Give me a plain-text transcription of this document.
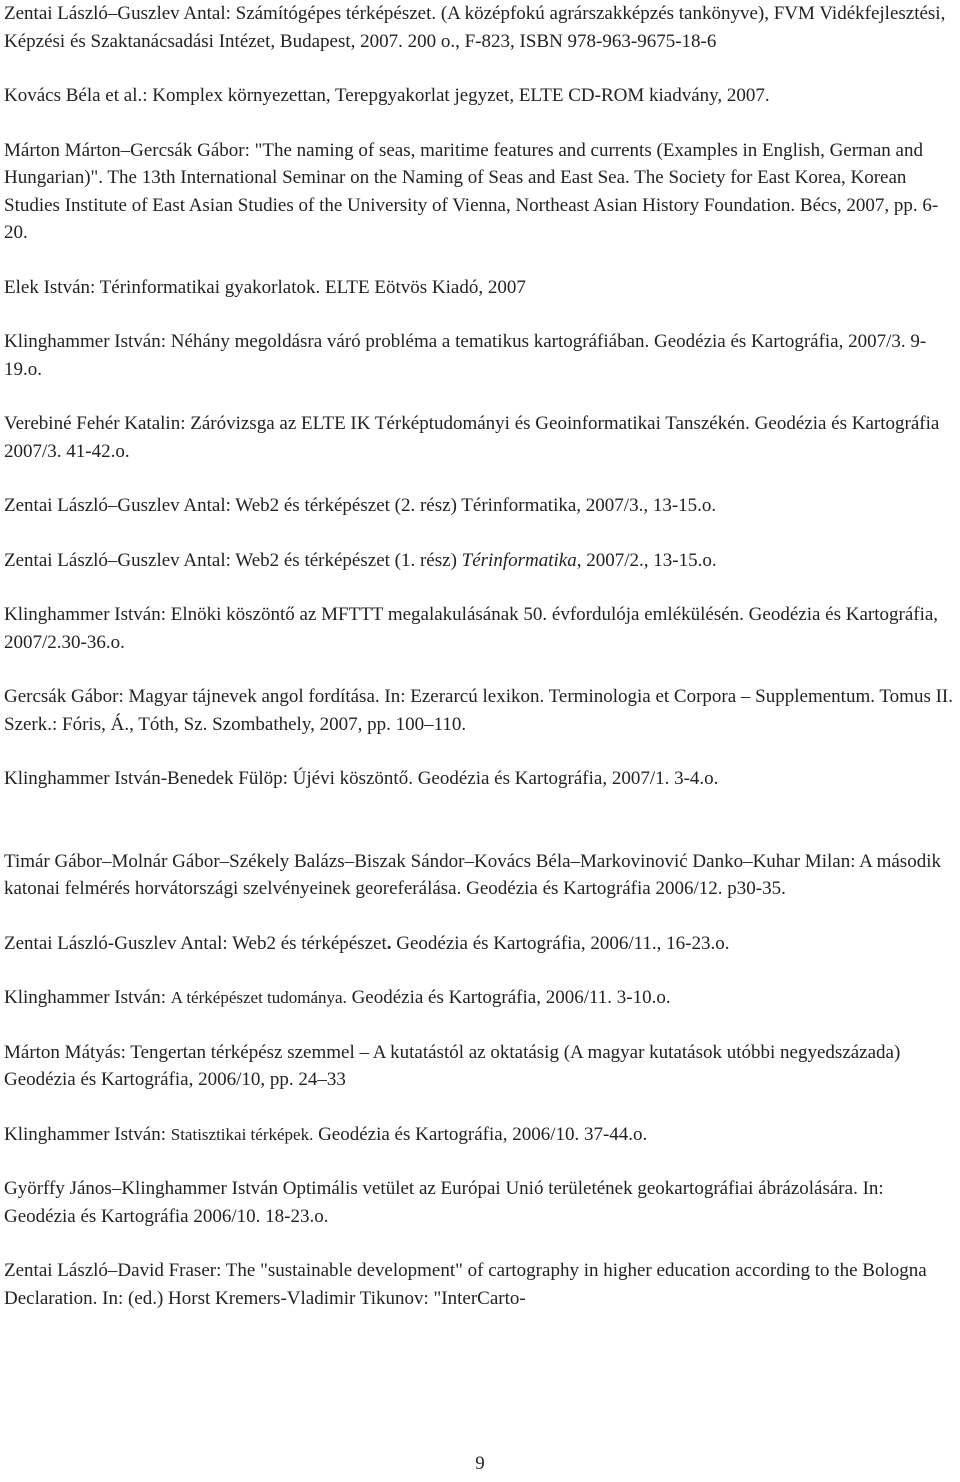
Zentai László–Guszlev Antal: Számítógépes térképészet. (A középfokú agrárszakképzés tankönyve), FVM Vidékfejlesztési, Képzési és Szaktanácsadási Intézet, Budapest, 2007. 200 o., F-823, ISBN 978-963-9675-18-6

Kovács Béla et al.: Komplex környezettan, Terepgyakorlat jegyzet, ELTE CD-ROM kiadvány, 2007.

Márton Márton–Gercsák Gábor: "The naming of seas, maritime features and currents (Examples in English, German and Hungarian)". The 13th International Seminar on the Naming of Seas and East Sea. The Society for East Korea, Korean Studies Institute of East Asian Studies of the University of Vienna, Northeast Asian History Foundation. Bécs, 2007, pp. 6-20.

Elek István: Térinformatikai gyakorlatok. ELTE Eötvös Kiadó, 2007

Klinghammer István: Néhány megoldásra váró probléma a tematikus kartográfiában. Geodézia és Kartográfia, 2007/3. 9-19.o.

Verebiné Fehér Katalin: Záróvizsga az ELTE IK Térképtudományi és Geoinformatikai Tanszékén. Geodézia és Kartográfia 2007/3. 41-42.o.

Zentai László–Guszlev Antal: Web2 és térképészet (2. rész) Térinformatika, 2007/3., 13-15.o.

Zentai László–Guszlev Antal: Web2 és térképészet (1. rész) Térinformatika, 2007/2., 13-15.o.

Klinghammer István: Elnöki köszöntő az MFTTT megalakulásának 50. évfordulója emlékülésén. Geodézia és Kartográfia, 2007/2.30-36.o.

Gercsák Gábor: Magyar tájnevek angol fordítása. In: Ezerarcú lexikon. Terminologia et Corpora – Supplementum. Tomus II. Szerk.: Fóris, Á., Tóth, Sz. Szombathely, 2007, pp. 100–110.

Klinghammer István-Benedek Fülöp: Újévi köszöntő. Geodézia és Kartográfia, 2007/1. 3-4.o.

Timár Gábor–Molnár Gábor–Székely Balázs–Biszak Sándor–Kovács Béla–Markovinović Danko–Kuhar Milan: A második katonai felmérés horvátországi szelvényeinek georeferálása. Geodézia és Kartográfia 2006/12. p30-35.

Zentai László-Guszlev Antal: Web2 és térképészet. Geodézia és Kartográfia, 2006/11., 16-23.o.

Klinghammer István: A térképészet tudománya. Geodézia és Kartográfia, 2006/11. 3-10.o.

Márton Mátyás: Tengertan térképész szemmel – A kutatástól az oktatásig (A magyar kutatások utóbbi negyedszázada) Geodézia és Kartográfia, 2006/10, pp. 24–33

Klinghammer István: Statisztikai térképek. Geodézia és Kartográfia, 2006/10. 37-44.o.

Györffy János–Klinghammer István Optimális vetület az Európai Unió területének geokartográfiai ábrázolására. In: Geodézia és Kartográfia 2006/10. 18-23.o.

Zentai László–David Fraser: The "sustainable development" of cartography in higher education according to the Bologna Declaration. In: (ed.) Horst Kremers-Vladimir Tikunov: "InterCarto-

9
